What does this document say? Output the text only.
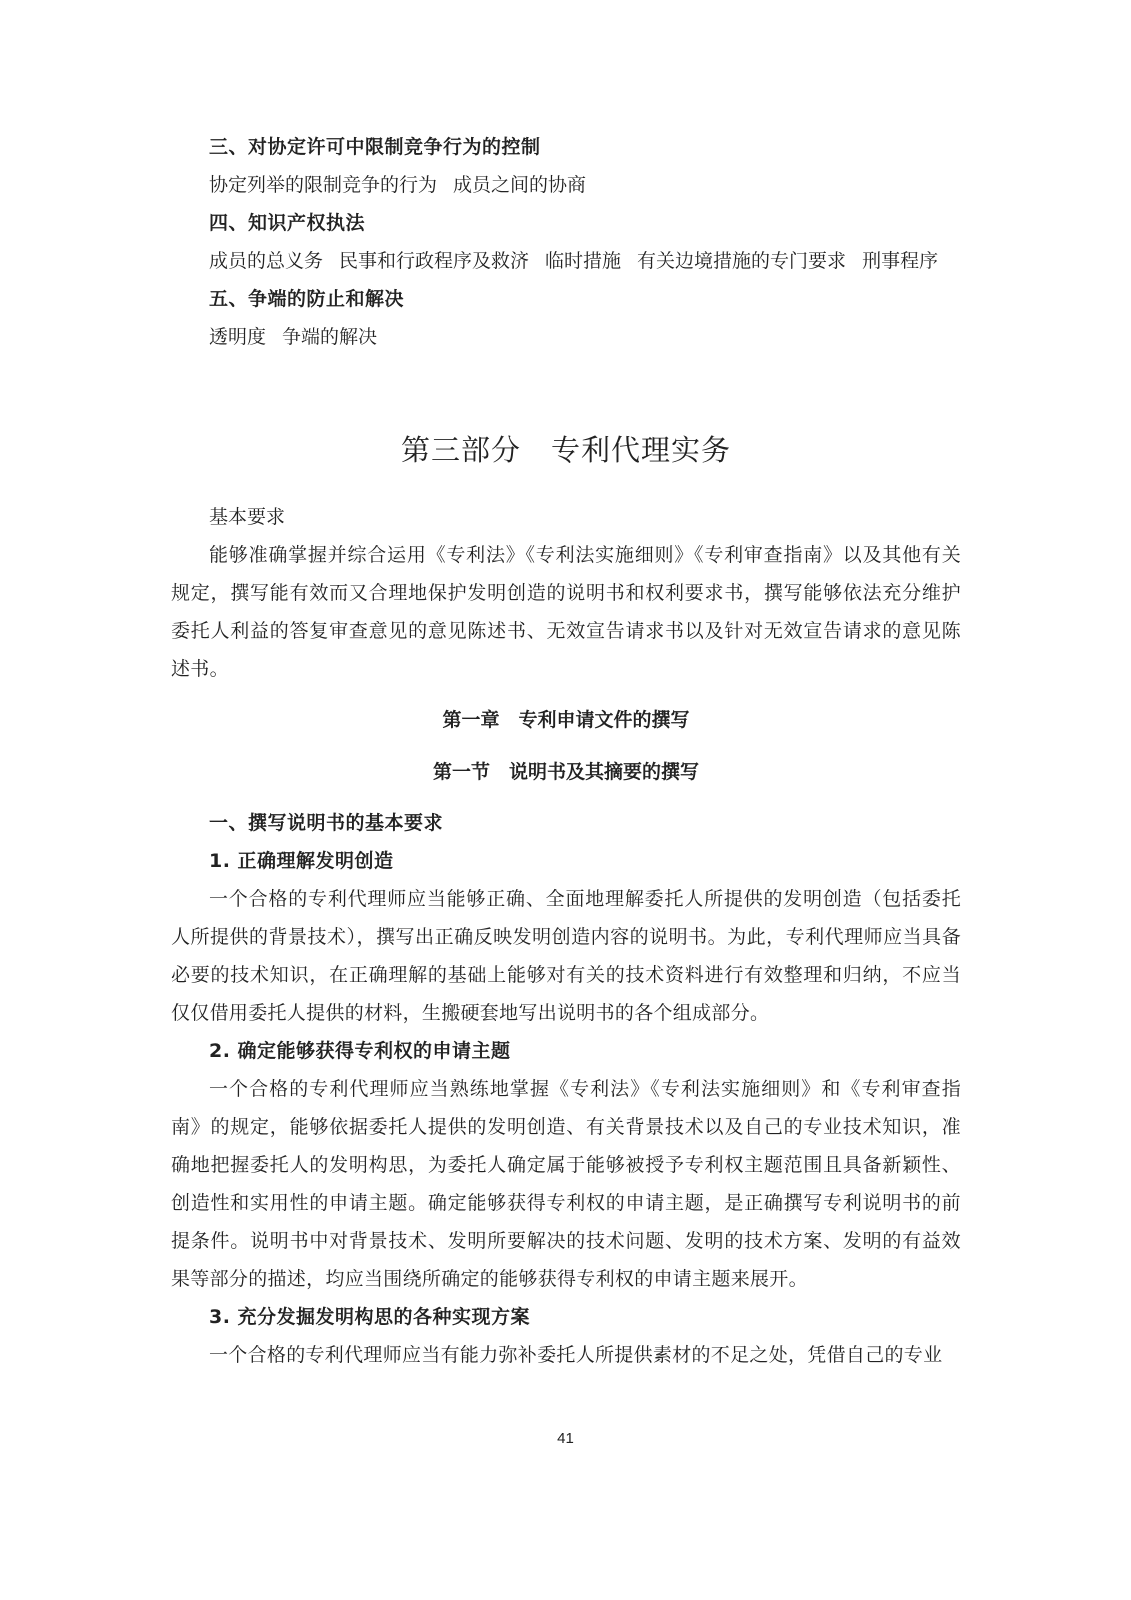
三、对协定许可中限制竞争行为的控制
协定列举的限制竞争的行为 成员之间的协商
四、知识产权执法
成员的总义务 民事和行政程序及救济 临时措施 有关边境措施的专门要求 刑事程序
五、争端的防止和解决
透明度 争端的解决
第三部分　专利代理实务
基本要求
能够准确掌握并综合运用《专利法》《专利法实施细则》《专利审查指南》以及其他有关规定，撰写能有效而又合理地保护发明创造的说明书和权利要求书，撰写能够依法充分维护委托人利益的答复审查意见的意见陈述书、无效宣告请求书以及针对无效宣告请求的意见陈述书。
第一章　专利申请文件的撰写
第一节　说明书及其摘要的撰写
一、撰写说明书的基本要求
1. 正确理解发明创造
一个合格的专利代理师应当能够正确、全面地理解委托人所提供的发明创造（包括委托人所提供的背景技术），撰写出正确反映发明创造内容的说明书。为此，专利代理师应当具备必要的技术知识，在正确理解的基础上能够对有关的技术资料进行有效整理和归纳，不应当仅仅借用委托人提供的材料，生搬硬套地写出说明书的各个组成部分。
2. 确定能够获得专利权的申请主题
一个合格的专利代理师应当熟练地掌握《专利法》《专利法实施细则》和《专利审查指南》的规定，能够依据委托人提供的发明创造、有关背景技术以及自己的专业技术知识，准确地把握委托人的发明构思，为委托人确定属于能够被授予专利权主题范围且具备新颖性、创造性和实用性的申请主题。确定能够获得专利权的申请主题，是正确撰写专利说明书的前提条件。说明书中对背景技术、发明所要解决的技术问题、发明的技术方案、发明的有益效果等部分的描述，均应当围绕所确定的能够获得专利权的申请主题来展开。
3. 充分发掘发明构思的各种实现方案
一个合格的专利代理师应当有能力弥补委托人所提供素材的不足之处，凭借自己的专业
41
